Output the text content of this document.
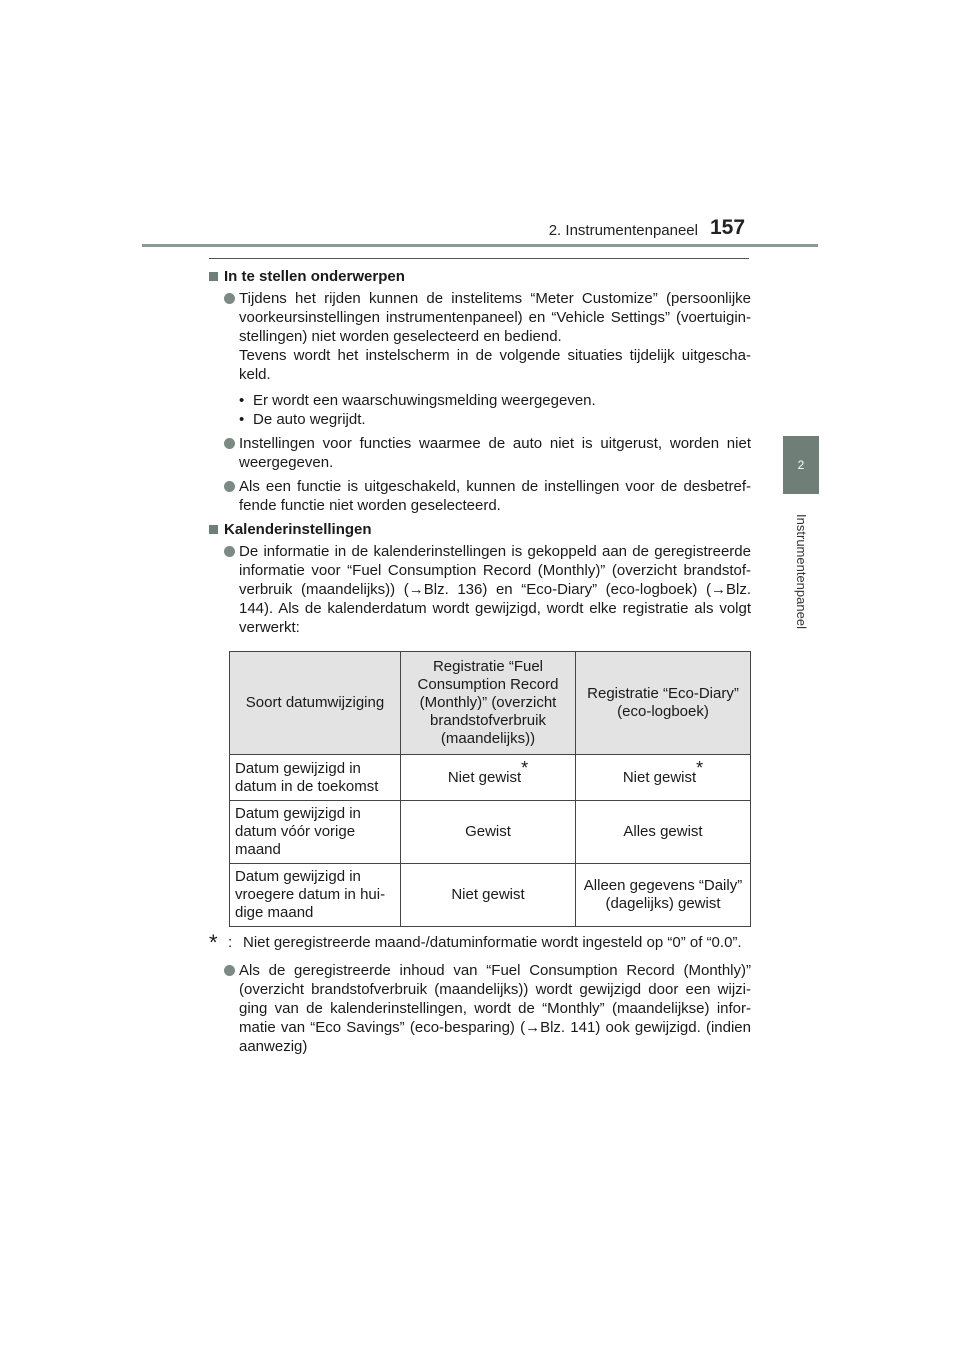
2. Instrumentenpaneel 157
2
Instrumentenpaneel
In te stellen onderwerpen

Tijdens het rijden kunnen de instelitems “Meter Customize” (persoonlijke voorkeursinstellingen instrumentenpaneel) en “Vehicle Settings” (voertuigin-stellingen) niet worden geselecteerd en bediend.

Tevens wordt het instelscherm in de volgende situaties tijdelijk uitgescha-keld.

• Er wordt een waarschuwingsmelding weergegeven.
• De auto wegrijdt.

Instellingen voor functies waarmee de auto niet is uitgerust, worden niet weergegeven.

Als een functie is uitgeschakeld, kunnen de instellingen voor de desbetref-fende functie niet worden geselecteerd.

Kalenderinstellingen

De informatie in de kalenderinstellingen is gekoppeld aan de geregistreerde informatie voor “Fuel Consumption Record (Monthly)” (overzicht brandstof-verbruik (maandelijks)) (→Blz. 136) en “Eco-Diary” (eco-logboek) (→Blz. 144). Als de kalenderdatum wordt gewijzigd, wordt elke registratie als volgt verwerkt:

Soort datumwijziging	Registratie “Fuel Consumption Record (Monthly)” (overzicht brandstofverbruik (maandelijks))	Registratie “Eco-Diary” (eco-logboek)
Datum gewijzigd in datum in de toekomst	Niet gewist*	Niet gewist*
Datum gewijzigd in datum vóór vorige maand	Gewist	Alles gewist
Datum gewijzigd in vroegere datum in hui-dige maand	Niet gewist	Alleen gegevens “Daily” (dagelijks) gewist
* : Niet geregistreerde maand-/datuminformatie wordt ingesteld op “0” of “0.0”.

Als de geregistreerde inhoud van “Fuel Consumption Record (Monthly)” (overzicht brandstofverbruik (maandelijks)) wordt gewijzigd door een wijzi-ging van de kalenderinstellingen, wordt de “Monthly” (maandelijkse) infor-matie van “Eco Savings” (eco-besparing) (→Blz. 141) ook gewijzigd. (indien aanwezig)
